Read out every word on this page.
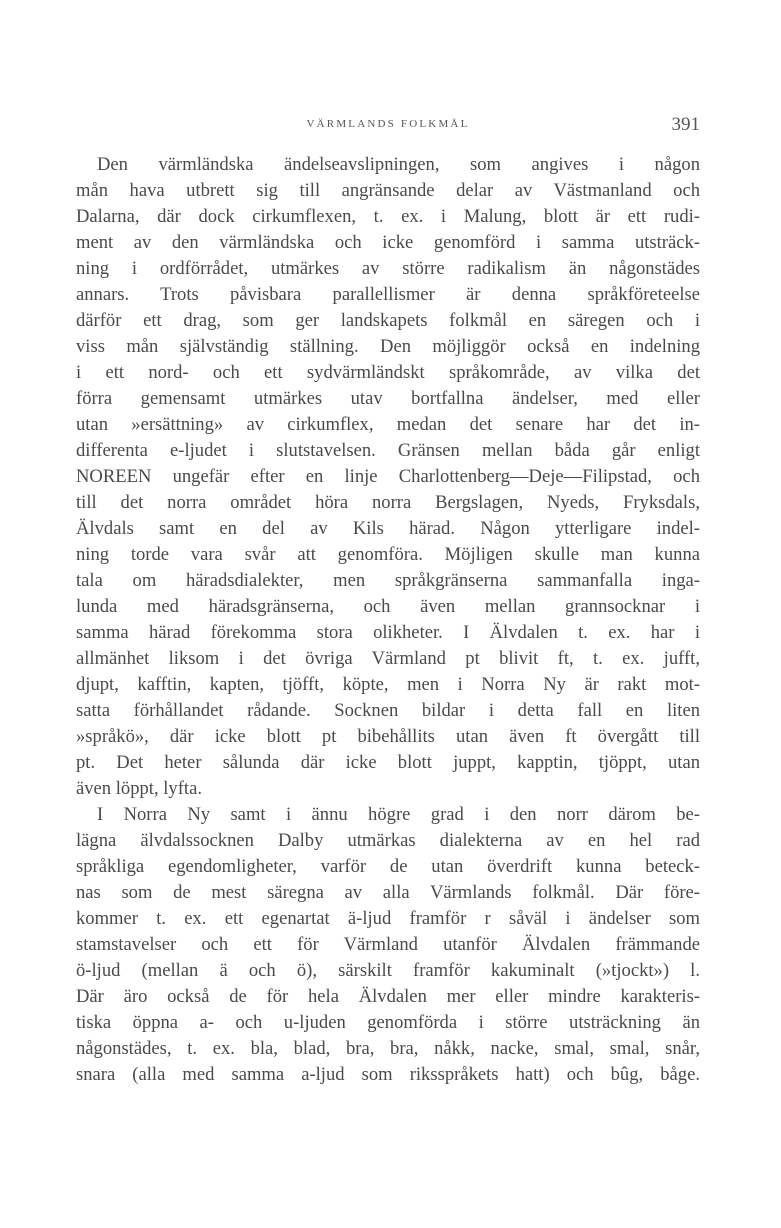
VÄRMLANDS FOLKMÅL	391
Den värmländska ändelseavslipningen, som angives i någon
mån hava utbrett sig till angränsande delar av Västmanland och
Dalarna, där dock cirkumflexen, t. ex. i Malung, blott är ett rudi-
ment av den värmländska och icke genomförd i samma utsträck-
ning i ordförrådet, utmärkes av större radikalism än någonstädes
annars. Trots påvisbara parallellismer är denna språkföreteelse
därför ett drag, som ger landskapets folkmål en säregen och i
viss mån självständig ställning. Den möjliggör också en indelning
i ett nord- och ett sydvärmländskt språkområde, av vilka det
förra gemensamt utmärkes utav bortfallna ändelser, med eller
utan »ersättning» av cirkumflex, medan det senare har det in-
differenta e-ljudet i slutstavelsen. Gränsen mellan båda går enligt
NOREEN ungefär efter en linje Charlottenberg—Deje—Filipstad, och
till det norra området höra norra Bergslagen, Nyeds, Fryksdals,
Älvdals samt en del av Kils härad. Någon ytterligare indel-
ning torde vara svår att genomföra. Möjligen skulle man kunna
tala om häradsdialekter, men språkgränserna sammanfalla inga-
lunda med häradsgränserna, och även mellan grannsocknar i
samma härad förekomma stora olikheter. I Älvdalen t. ex. har i
allmänhet liksom i det övriga Värmland pt blivit ft, t. ex. jufft,
djupt, kafftin, kapten, tjöfft, köpte, men i Norra Ny är rakt mot-
satta förhållandet rådande. Socknen bildar i detta fall en liten
»språkö», där icke blott pt bibehållits utan även ft övergått till
pt. Det heter sålunda där icke blott juppt, kapptin, tjöppt, utan
även löppt, lyfta.
I Norra Ny samt i ännu högre grad i den norr därom be-
lägna älvdalssocknen Dalby utmärkas dialekterna av en hel rad
språkliga egendomligheter, varför de utan överdrift kunna beteck-
nas som de mest säregna av alla Värmlands folkmål. Där före-
kommer t. ex. ett egenartat ä-ljud framför r såväl i ändelser som
stamstavelser och ett för Värmland utanför Älvdalen främmande
ö-ljud (mellan ä och ö), särskilt framför kakuminalt (»tjockt») l.
Där äro också de för hela Älvdalen mer eller mindre karakteris-
tiska öppna a- och u-ljuden genomförda i större utsträckning än
någonstädes, t. ex. bla, blad, bra, bra, nåkk, nacke, smal, smal, snår,
snara (alla med samma a-ljud som riksspråkets hatt) och bûg, båge.
